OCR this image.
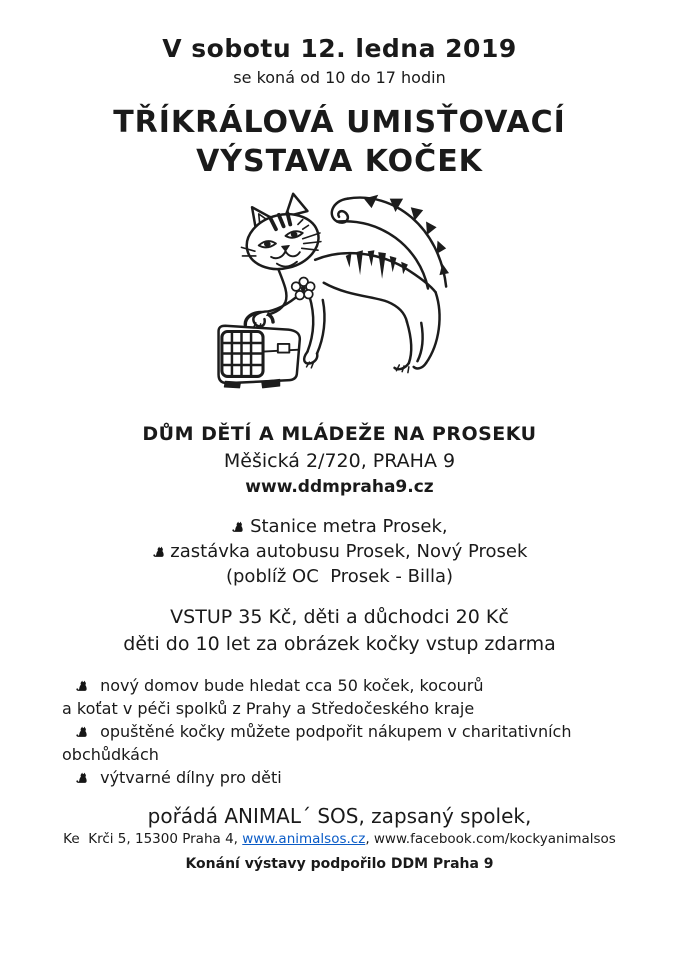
V sobotu 12. ledna 2019
se koná od 10 do 17 hodin
TŘÍKRÁLOVÁ UMISŤOVACÍ
VÝSTAVA KOČEK
DŮM DĚTÍ A MLÁDEŽE NA PROSEKU
Měšická 2/720, PRAHA 9
www.ddmpraha9.cz
Stanice metra Prosek,
zastávka autobusu Prosek, Nový Prosek
(poblíž OC  Prosek - Billa)
VSTUP 35 Kč, děti a důchodci 20 Kč
děti do 10 let za obrázek kočky vstup zdarma
nový domov bude hledat cca 50 koček, kocourů
a koťat v péči spolků z Prahy a Středočeského kraje
opuštěné kočky můžete podpořit nákupem v charitativních obchůdkách
výtvarné dílny pro děti
pořádá ANIMAL´ SOS, zapsaný spolek,
Ke  Krči 5, 15300 Praha 4, www.animalsos.cz, www.facebook.com/kockyanimalsos
Konání výstavy podpořilo DDM Praha 9
